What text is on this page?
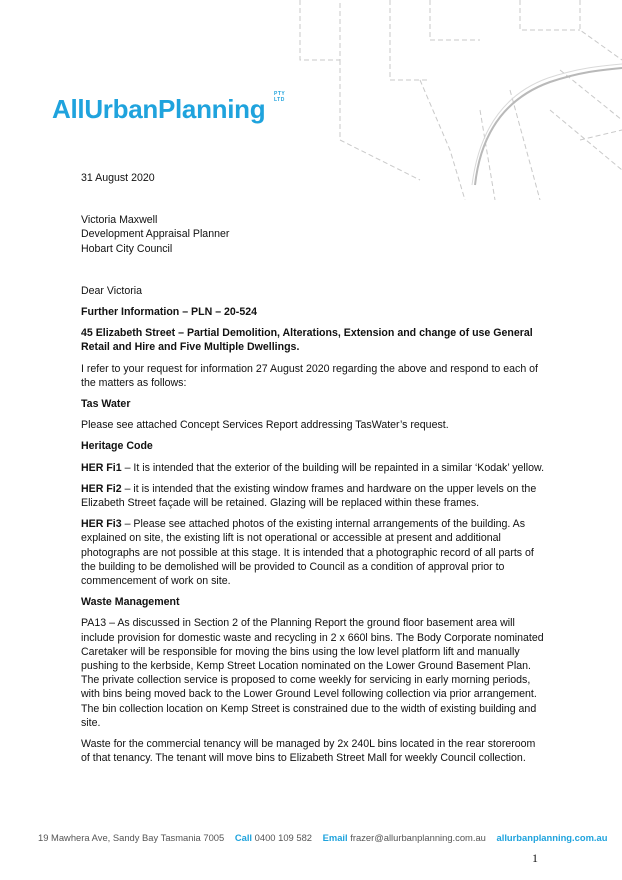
AllUrbanPlanning PTY LTD

31 August 2020

Victoria Maxwell

Development Appraisal Planner

Hobart City Council

Dear Victoria

Further Information – PLN – 20-524

45 Elizabeth Street – Partial Demolition, Alterations, Extension and change of use General Retail and Hire and Five Multiple Dwellings.

I refer to your request for information 27 August 2020 regarding the above and respond to each of the matters as follows:

Tas Water

Please see attached Concept Services Report addressing TasWater’s request.

Heritage Code

HER Fi1 – It is intended that the exterior of the building will be repainted in a similar ‘Kodak’ yellow.

HER Fi2 – it is intended that the existing window frames and hardware on the upper levels on the Elizabeth Street façade will be retained. Glazing will be replaced within these frames.

HER Fi3 – Please see attached photos of the existing internal arrangements of the building. As explained on site, the existing lift is not operational or accessible at present and additional photographs are not possible at this stage. It is intended that a photographic record of all parts of the building to be demolished will be provided to Council as a condition of approval prior to commencement of work on site.

Waste Management

PA13 – As discussed in Section 2 of the Planning Report the ground floor basement area will include provision for domestic waste and recycling in 2 x 660l bins. The Body Corporate nominated Caretaker will be responsible for moving the bins using the low level platform lift and manually pushing to the kerbside, Kemp Street Location nominated on the Lower Ground Basement Plan. The private collection service is proposed to come weekly for servicing in early morning periods, with bins being moved back to the Lower Ground Level following collection via prior arrangement. The bin collection location on Kemp Street is constrained due to the width of existing building and site.

Waste for the commercial tenancy will be managed by 2x 240L bins located in the rear storeroom of that tenancy. The tenant will move bins to Elizabeth Street Mall for weekly Council collection.

19 Mawhera Ave, Sandy Bay Tasmania 7005 Call 0400 109 582 Email frazer@allurbanplanning.com.au allurbanplanning.com.au
1
